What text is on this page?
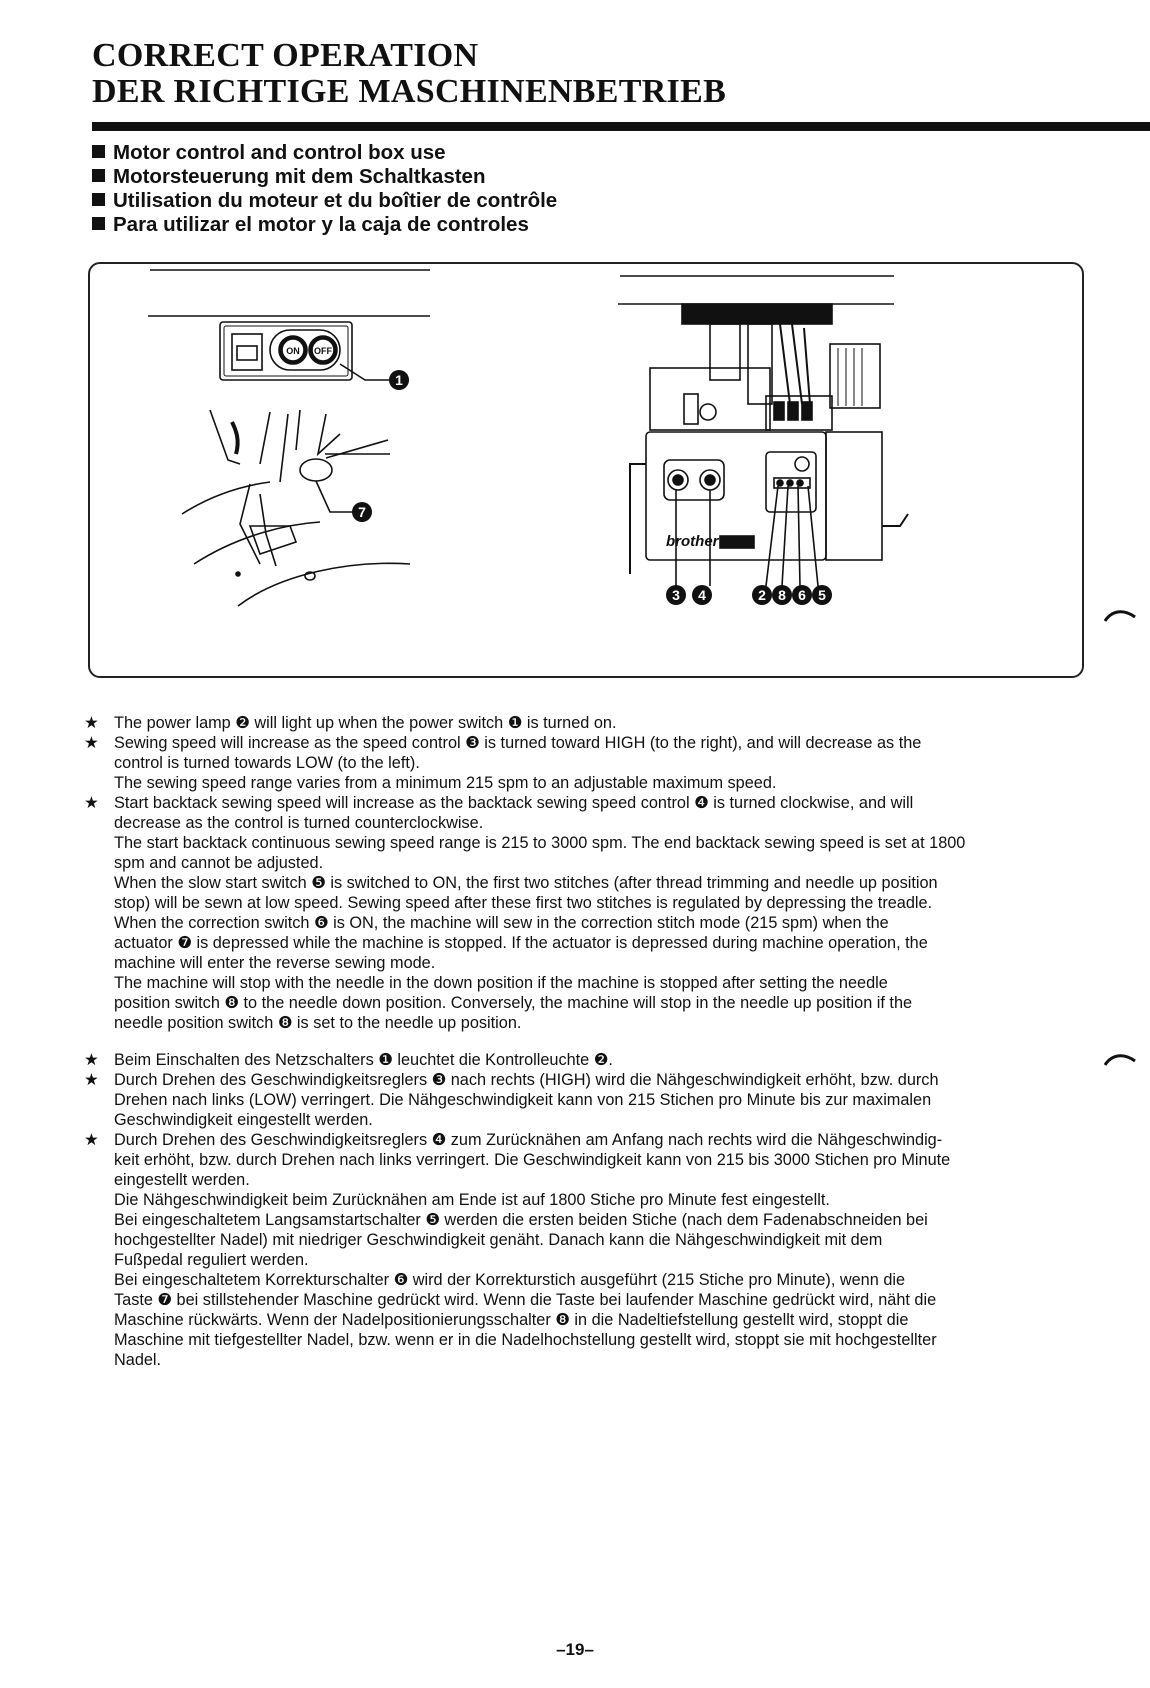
CORRECT OPERATION
DER RICHTIGE MASCHINENBETRIEB
Motor control and control box use
Motorsteuerung mit dem Schaltkasten
Utilisation du moteur et du boîtier de contrôle
Para utilizar el motor y la caja de controles
ON OFF
1
7
brother
3 4	2 8 6 5
★ The power lamp ❷ will light up when the power switch ❶ is turned on.
★ Sewing speed will increase as the speed control ❸ is turned toward HIGH (to the right), and will decrease as the
control is turned towards LOW (to the left).
The sewing speed range varies from a minimum 215 spm to an adjustable maximum speed.
★ Start backtack sewing speed will increase as the backtack sewing speed control ❹ is turned clockwise, and will
decrease as the control is turned counterclockwise.
The start backtack continuous sewing speed range is 215 to 3000 spm. The end backtack sewing speed is set at 1800
spm and cannot be adjusted.
When the slow start switch ❺ is switched to ON, the first two stitches (after thread trimming and needle up position
stop) will be sewn at low speed. Sewing speed after these first two stitches is regulated by depressing the treadle.
When the correction switch ❻ is ON, the machine will sew in the correction stitch mode (215 spm) when the
actuator ❼ is depressed while the machine is stopped. If the actuator is depressed during machine operation, the
machine will enter the reverse sewing mode.
The machine will stop with the needle in the down position if the machine is stopped after setting the needle
position switch ❽ to the needle down position. Conversely, the machine will stop in the needle up position if the
needle position switch ❽ is set to the needle up position.
★ Beim Einschalten des Netzschalters ❶ leuchtet die Kontrolleuchte ❷.
★ Durch Drehen des Geschwindigkeitsreglers ❸ nach rechts (HIGH) wird die Nähgeschwindigkeit erhöht, bzw. durch
Drehen nach links (LOW) verringert. Die Nähgeschwindigkeit kann von 215 Stichen pro Minute bis zur maximalen
Geschwindigkeit eingestellt werden.
★ Durch Drehen des Geschwindigkeitsreglers ❹ zum Zurücknähen am Anfang nach rechts wird die Nähgeschwindig-
keit erhöht, bzw. durch Drehen nach links verringert. Die Geschwindigkeit kann von 215 bis 3000 Stichen pro Minute
eingestellt werden.
Die Nähgeschwindigkeit beim Zurücknähen am Ende ist auf 1800 Stiche pro Minute fest eingestellt.
Bei eingeschaltetem Langsamstartschalter ❺ werden die ersten beiden Stiche (nach dem Fadenabschneiden bei
hochgestellter Nadel) mit niedriger Geschwindigkeit genäht. Danach kann die Nähgeschwindigkeit mit dem
Fußpedal reguliert werden.
Bei eingeschaltetem Korrekturschalter ❻ wird der Korrekturstich ausgeführt (215 Stiche pro Minute), wenn die
Taste ❼ bei stillstehender Maschine gedrückt wird. Wenn die Taste bei laufender Maschine gedrückt wird, näht die
Maschine rückwärts. Wenn der Nadelpositionierungsschalter ❽ in die Nadeltiefstellung gestellt wird, stoppt die
Maschine mit tiefgestellter Nadel, bzw. wenn er in die Nadelhochstellung gestellt wird, stoppt sie mit hochgestellter
Nadel.
–19–
